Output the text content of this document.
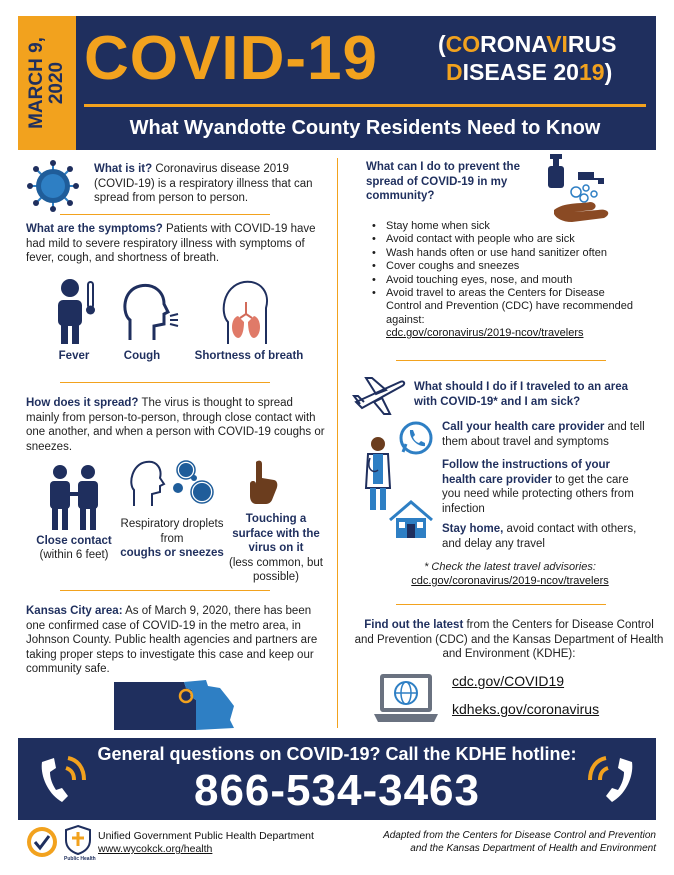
MARCH 9,
2020 COVID-19	(CORONAVIRUS
DISEASE 2019)
What Wyandotte County Residents Need to Know
What is it? Coronavirus disease 2019 (COVID-19) is a respiratory illness that can spread from person to person.
What are the symptoms? Patients with COVID-19 have had mild to severe respiratory illness with symptoms of fever, cough, and shortness of breath.
Fever	Cough	Shortness of breath
How does it spread? The virus is thought to spread mainly from person-to-person, through close contact with one another, and when a person with COVID-19 coughs or sneezes.
Close contact
(within 6 feet)
Respiratory droplets from
coughs or sneezes
Touching a surface with the virus on it
(less common, but possible)
Kansas City area: As of March 9, 2020, there has been one confirmed case of COVID-19 in the metro area, in Johnson County. Public health agencies and partners are taking proper steps to investigate this case and keep our community safe.
What can I do to prevent the spread of COVID-19 in my community?
• Stay home when sick
• Avoid contact with people who are sick
• Wash hands often or use hand sanitizer often
• Cover coughs and sneezes
• Avoid touching eyes, nose, and mouth
• Avoid travel to areas the Centers for Disease Control and Prevention (CDC) have recommended against:
cdc.gov/coronavirus/2019-ncov/travelers
What should I do if I traveled to an area with COVID-19* and I am sick?
Call your health care provider and tell them about travel and symptoms
Follow the instructions of your health care provider to get the care you need while protecting others from infection
Stay home, avoid contact with others, and delay any travel
* Check the latest travel advisories:
cdc.gov/coronavirus/2019-ncov/travelers
Find out the latest from the Centers for Disease Control and Prevention (CDC) and the Kansas Department of Health and Environment (KDHE):
cdc.gov/COVID19
kdheks.gov/coronavirus
General questions on COVID-19? Call the KDHE hotline:
866-534-3463
Public Health
Unified Government Public Health Department
www.wycokck.org/health
Adapted from the Centers for Disease Control and Prevention
and the Kansas Department of Health and Environment
